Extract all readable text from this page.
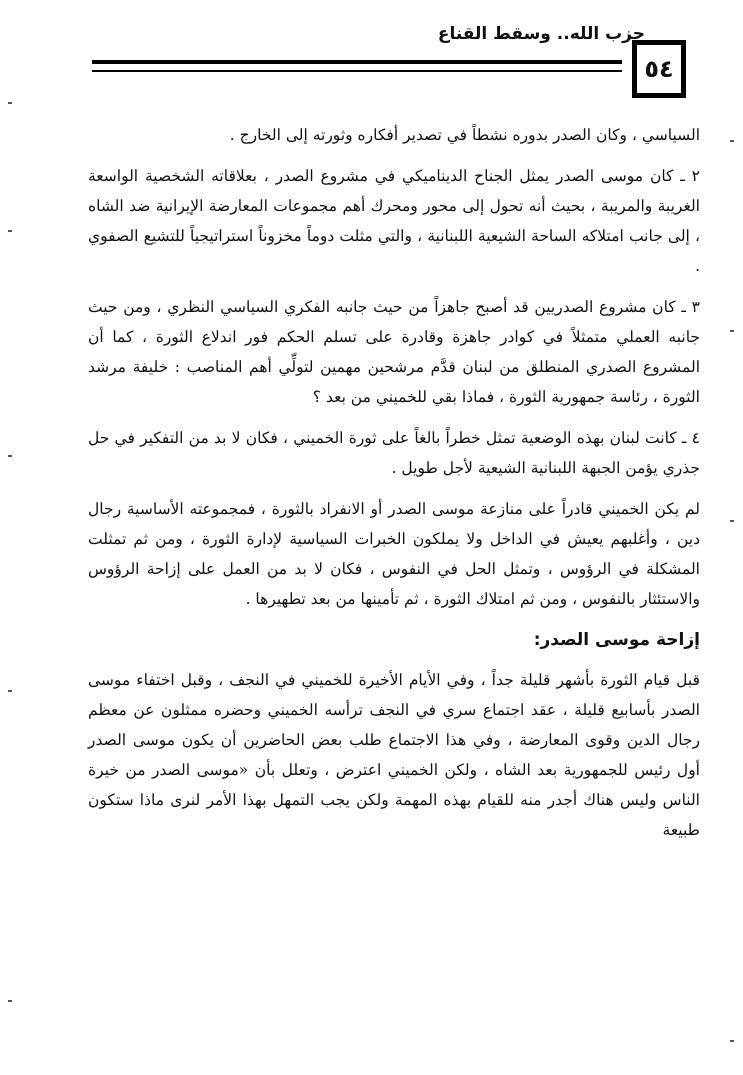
حزب الله.. وسقط القناع
٥٤

السياسي ، وكان الصدر بدوره نشطاً في تصدير أفكاره وثورته إلى الخارج .

٢ ـ كان موسى الصدر يمثل الجناح الديناميكي في مشروع الصدر ، بعلاقاته الشخصية الواسعة الغريبة والمريبة ، بحيث أنه تحول إلى محور ومحرك أهم مجموعات المعارضة الإيرانية ضد الشاه ، إلى جانب امتلاكه الساحة الشيعية اللبنانية ، والتي مثلت دوماً مخزوناً استراتيجياً للتشيع الصفوي .

٣ ـ كان مشروع الصدريين قد أصبح جاهزاً من حيث جانبه الفكري السياسي النظري ، ومن حيث جانبه العملي متمثلاً في كوادر جاهزة وقادرة على تسلم الحكم فور اندلاع الثورة ، كما أن المشروع الصدري المنطلق من لبنان قدَّم مرشحين مهمين لتولِّي أهم المناصب : خليفة مرشد الثورة ، رئاسة جمهورية الثورة ، فماذا بقي للخميني من بعد ؟

٤ ـ كانت لبنان بهذه الوضعية تمثل خطراً بالغاً على ثورة الخميني ، فكان لا بد من التفكير في حل جذري يؤمن الجبهة اللبنانية الشيعية لأجل طويل .

لم يكن الخميني قادراً على منازعة موسى الصدر أو الانفراد بالثورة ، فمجموعته الأساسية رجال دين ، وأغلبهم يعيش في الداخل ولا يملكون الخبرات السياسية لإدارة الثورة ، ومن ثم تمثلت المشكلة في الرؤوس ، وتمثل الحل في النفوس ، فكان لا بد من العمل على إزاحة الرؤوس والاستئثار بالنفوس ، ومن ثم امتلاك الثورة ، ثم تأمينها من بعد تطهيرها .

إزاحة موسى الصدر:

قبل قيام الثورة بأشهر قليلة جداً ، وفي الأيام الأخيرة للخميني في النجف ، وقبل اختفاء موسى الصدر بأسابيع قليلة ، عقد اجتماع سري في النجف ترأسه الخميني وحضره ممثلون عن معظم رجال الدين وقوى المعارضة ، وفي هذا الاجتماع طلب بعض الحاضرين أن يكون موسى الصدر أول رئيس للجمهورية بعد الشاه ، ولكن الخميني اعترض ، وتعلل بأن «موسى الصدر من خيرة الناس وليس هناك أجدر منه للقيام بهذه المهمة ولكن يجب التمهل بهذا الأمر لنرى ماذا ستكون طبيعة
